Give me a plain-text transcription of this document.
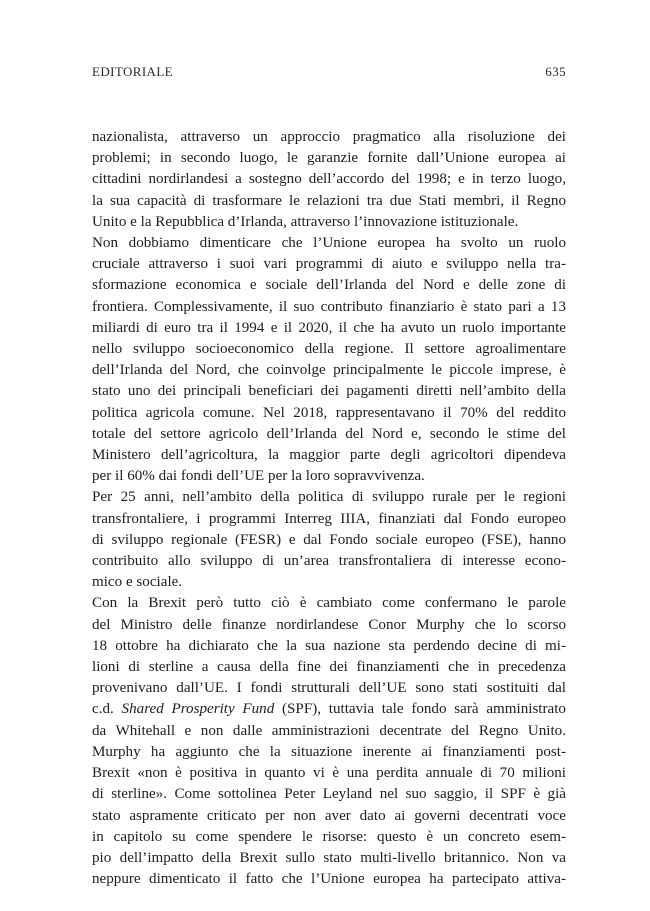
EDITORIALE	635
nazionalista, attraverso un approccio pragmatico alla risoluzione dei
problemi; in secondo luogo, le garanzie fornite dall’Unione europea ai
cittadini nordirlandesi a sostegno dell’accordo del 1998; e in terzo luogo,
la sua capacità di trasformare le relazioni tra due Stati membri, il Regno
Unito e la Repubblica d’Irlanda, attraverso l’innovazione istituzionale.
Non dobbiamo dimenticare che l’Unione europea ha svolto un ruolo
cruciale attraverso i suoi vari programmi di aiuto e sviluppo nella tra-
sformazione economica e sociale dell’Irlanda del Nord e delle zone di
frontiera. Complessivamente, il suo contributo finanziario è stato pari a 13
miliardi di euro tra il 1994 e il 2020, il che ha avuto un ruolo importante
nello sviluppo socioeconomico della regione. Il settore agroalimentare
dell’Irlanda del Nord, che coinvolge principalmente le piccole imprese, è
stato uno dei principali beneficiari dei pagamenti diretti nell’ambito della
politica agricola comune. Nel 2018, rappresentavano il 70% del reddito
totale del settore agricolo dell’Irlanda del Nord e, secondo le stime del
Ministero dell’agricoltura, la maggior parte degli agricoltori dipendeva
per il 60% dai fondi dell’UE per la loro sopravvivenza.
Per 25 anni, nell’ambito della politica di sviluppo rurale per le regioni
transfrontaliere, i programmi Interreg IIIA, finanziati dal Fondo europeo
di sviluppo regionale (FESR) e dal Fondo sociale europeo (FSE), hanno
contribuito allo sviluppo di un’area transfrontaliera di interesse econo-
mico e sociale.
Con la Brexit però tutto ciò è cambiato come confermano le parole
del Ministro delle finanze nordirlandese Conor Murphy che lo scorso
18 ottobre ha dichiarato che la sua nazione sta perdendo decine di mi-
lioni di sterline a causa della fine dei finanziamenti che in precedenza
provenivano dall’UE. I fondi strutturali dell’UE sono stati sostituiti dal
c.d. Shared Prosperity Fund (SPF), tuttavia tale fondo sarà amministrato
da Whitehall e non dalle amministrazioni decentrate del Regno Unito.
Murphy ha aggiunto che la situazione inerente ai finanziamenti post-
Brexit «non è positiva in quanto vi è una perdita annuale di 70 milioni
di sterline». Come sottolinea Peter Leyland nel suo saggio, il SPF è già
stato aspramente criticato per non aver dato ai governi decentrati voce
in capitolo su come spendere le risorse: questo è un concreto esem-
pio dell’impatto della Brexit sullo stato multi-livello britannico. Non va
neppure dimenticato il fatto che l’Unione europea ha partecipato attiva-
